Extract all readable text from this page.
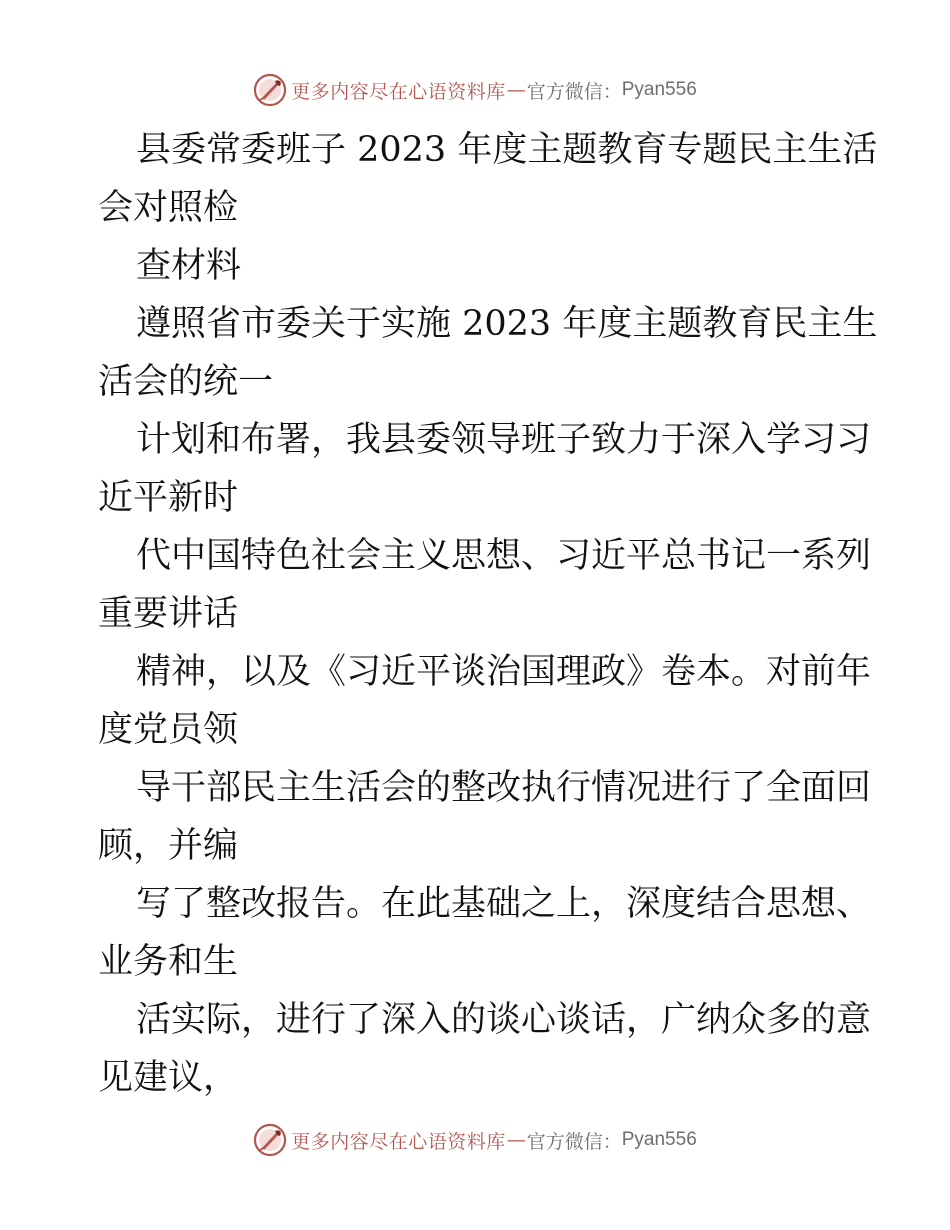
更多内容尽在心语资料库 — 官方微信： Pyan556
县委常委班子 2023 年度主题教育专题民主生活
会对照检
查材料
遵照省市委关于实施 2023 年度主题教育民主生
活会的统一
计划和布署，我县委领导班子致力于深入学习习
近平新时
代中国特色社会主义思想、习近平总书记一系列
重要讲话
精神，以及《习近平谈治国理政》卷本。对前年
度党员领
导干部民主生活会的整改执行情况进行了全面回
顾，并编
写了整改报告。在此基础之上，深度结合思想、
业务和生
活实际，进行了深入的谈心谈话，广纳众多的意
见建议，
更多内容尽在心语资料库 — 官方微信： Pyan556
